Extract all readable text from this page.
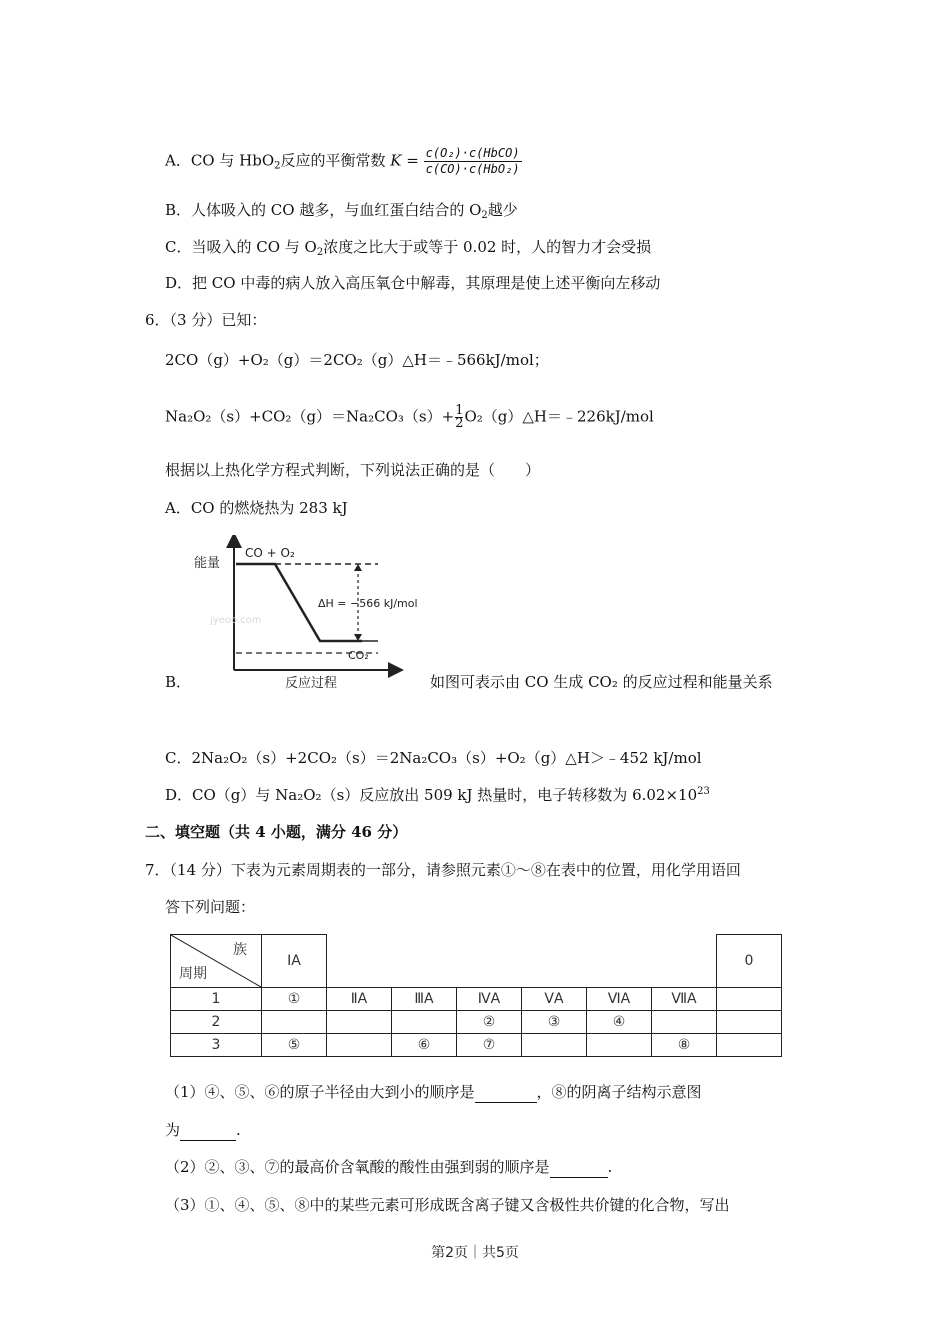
A．CO 与 HbO$_2$反应的平衡常数 $K = \frac{\text{c(O₂)·c(HbCO)}}{\text{c(CO)·c(HbO₂)}}$
B．人体吸入的 CO 越多，与血红蛋白结合的 $O_2$越少
C．当吸入的 CO 与 $O_2$浓度之比大于或等于 0.02 时，人的智力才会受损
D．把 CO 中毒的病人放入高压氧仓中解毒，其原理是使上述平衡向左移动
6．（3 分）已知：
2CO（g）+O₂（g）＝2CO₂（g）△H＝﹣566kJ/mol；
$Na_2O_2(s)+CO_2(g)=Na_2CO_3(s)+ \frac{1}{2}$ O₂（g）△H＝﹣226kJ/mol
根据以上热化学方程式判断，下列说法正确的是（　　）
A．CO 的燃烧热为 283 kJ
能量
反应过程
CO + O₂
ΔH = −566 kJ/mol
CO₂
jyeoo.com
B．	如图可表示由 CO 生成 CO₂ 的反应过程和能量关系
C．2Na₂O₂（s）+2CO₂（s）＝2Na₂CO₃（s）+O₂（g）△H＞﹣452 kJ/mol
D．CO（g）与 Na₂O₂（s）反应放出 509 kJ 热量时，电子转移数为 $6.02\times 10^{23}$
二、填空题（共 4 小题，满分 46 分）
7．（14 分）下表为元素周期表的一部分，请参照元素①～⑧在表中的位置，用化学用语回
答下列问题：
族
周期	ⅠA							0
1	①	ⅡA	ⅢA	ⅣA	ⅤA	ⅥA	ⅦA	
2				②	③	④		
3	⑤		⑥	⑦			⑧	
（1）④、⑤、⑥的原子半径由大到小的顺序是	，⑧的阴离子结构示意图
为	.
（2）②、③、⑦的最高价含氧酸的酸性由强到弱的顺序是	.
（3）①、④、⑤、⑧中的某些元素可形成既含离子键又含极性共价键的化合物，写出
第2页｜共5页
